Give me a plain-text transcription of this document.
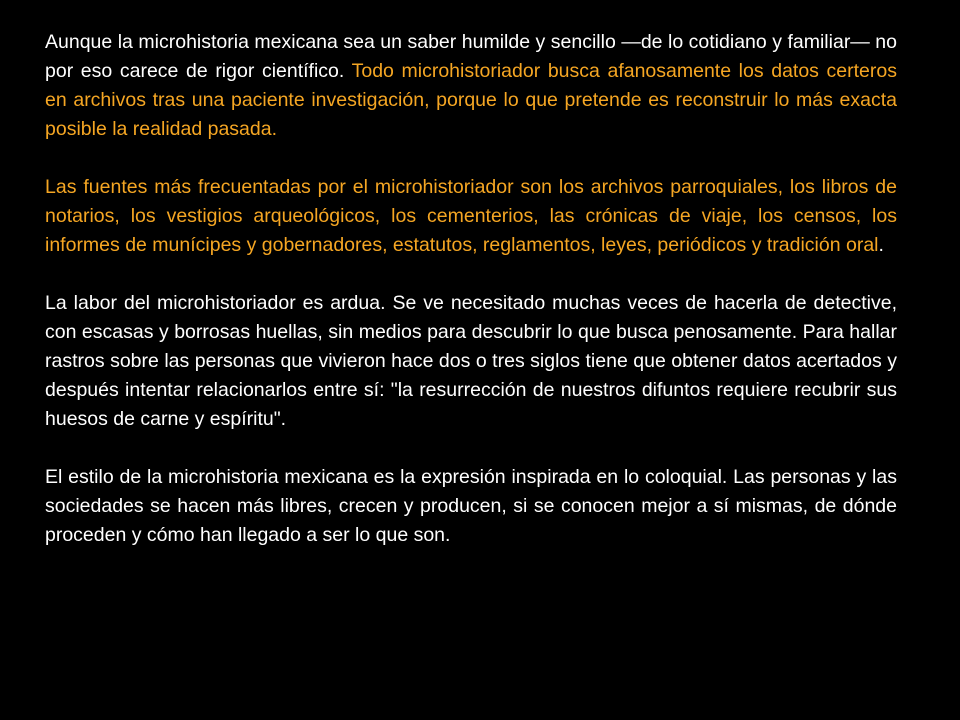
Aunque la microhistoria mexicana sea un saber humilde y sencillo —de lo cotidiano y familiar— no por eso carece de rigor científico. Todo microhistoriador busca afanosamente los datos certeros en archivos tras una paciente investigación, porque lo que pretende es reconstruir lo más exacta posible la realidad pasada.

Las fuentes más frecuentadas por el microhistoriador son los archivos parroquiales, los libros de notarios, los vestigios arqueológicos, los cementerios, las crónicas de viaje, los censos, los informes de munícipes y gobernadores, estatutos, reglamentos, leyes, periódicos y tradición oral.

La labor del microhistoriador es ardua. Se ve necesitado muchas veces de hacerla de detective, con escasas y borrosas huellas, sin medios para descubrir lo que busca penosamente. Para hallar rastros sobre las personas que vivieron hace dos o tres siglos tiene que obtener datos acertados y después intentar relacionarlos entre sí: "la resurrección de nuestros difuntos requiere recubrir sus huesos de carne y espíritu".

El estilo de la microhistoria mexicana es la expresión inspirada en lo coloquial. Las personas y las sociedades se hacen más libres, crecen y producen, si se conocen mejor a sí mismas, de dónde proceden y cómo han llegado a ser lo que son.
